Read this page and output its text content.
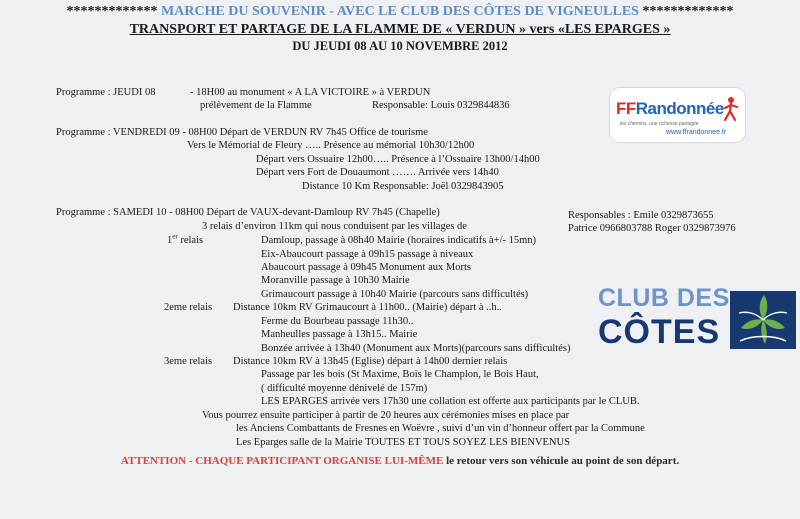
************* MARCHE DU SOUVENIR - AVEC LE CLUB DES CÔTES DE VIGNEULLES *************
TRANSPORT ET PARTAGE DE LA FLAMME DE « VERDUN » vers «LES EPARGES »
DU JEUDI 08 AU 10 NOVEMBRE 2012
Programme : JEUDI 08	- 18H00 au monument « A LA VICTOIRE » à VERDUN
prélèvement de la Flamme	Responsable: Louis 0329844836
Programme : VENDREDI 09 - 08H00 Départ de VERDUN RV 7h45 Office de tourisme
Vers le Mémorial de Fleury ….. Présence au mémorial 10h30/12h00
Départ vers Ossuaire 12h00….. Présence à l’Ossuaire 13h00/14h00
Départ vers Fort de Douaumont ……. Arrivée vers 14h40
Distance 10 Km Responsable: Joël 0329843905
Programme : SAMEDI 10 - 08H00 Départ de VAUX-devant-Damloup RV 7h45 (Chapelle)
3 relais d’environ 11km qui nous conduisent par les villages de
1er relais	Damloup, passage à 08h40 Mairie (horaires indicatifs à+/- 15mn)
Eix-Abaucourt passage à 09h15 passage à niveaux
Abaucourt passage à 09h45 Monument aux Morts
Moranville passage à 10h30 Mairie
Grimaucourt passage à 10h40 Mairie (parcours sans difficultés)
2eme relais Distance 10km RV Grimaucourt à 11h00.. (Mairie) départ à ..h..
Ferme du Bourbeau passage 11h30..
Manheulles passage à 13h15.. Mairie
Bonzée arrivée à 13h40 (Monument aux Morts)(parcours sans difficultés)
3eme relais Distance 10km RV à 13h45 (Eglise) départ à 14h00 dernier relais
Passage par les bois (St Maxime, Bois le Champlon, le Bois Haut,
( difficulté moyenne dénivelé de 157m)
LES EPARGES arrivée vers 17h30 une collation est offerte aux participants par le CLUB.
Vous pourrez ensuite participer à partir de 20 heures aux cérémonies mises en place par
les Anciens Combattants de Fresnes en Woëvre , suivi d’un vin d’honneur offert par la Commune
Les Eparges salle de la Mairie TOUTES ET TOUS SOYEZ LES BIENVENUS
Responsables : Emile 0329873655
Patrice 0966803788 Roger 0329873976
ATTENTION - CHAQUE PARTICIPANT ORGANISE LUI-MÊME le retour vers son véhicule au point de son départ.
FFRandonnée
les chemins, une richesse partagée
www.ffrandonnee.fr
CLUB DES
CÔTES
